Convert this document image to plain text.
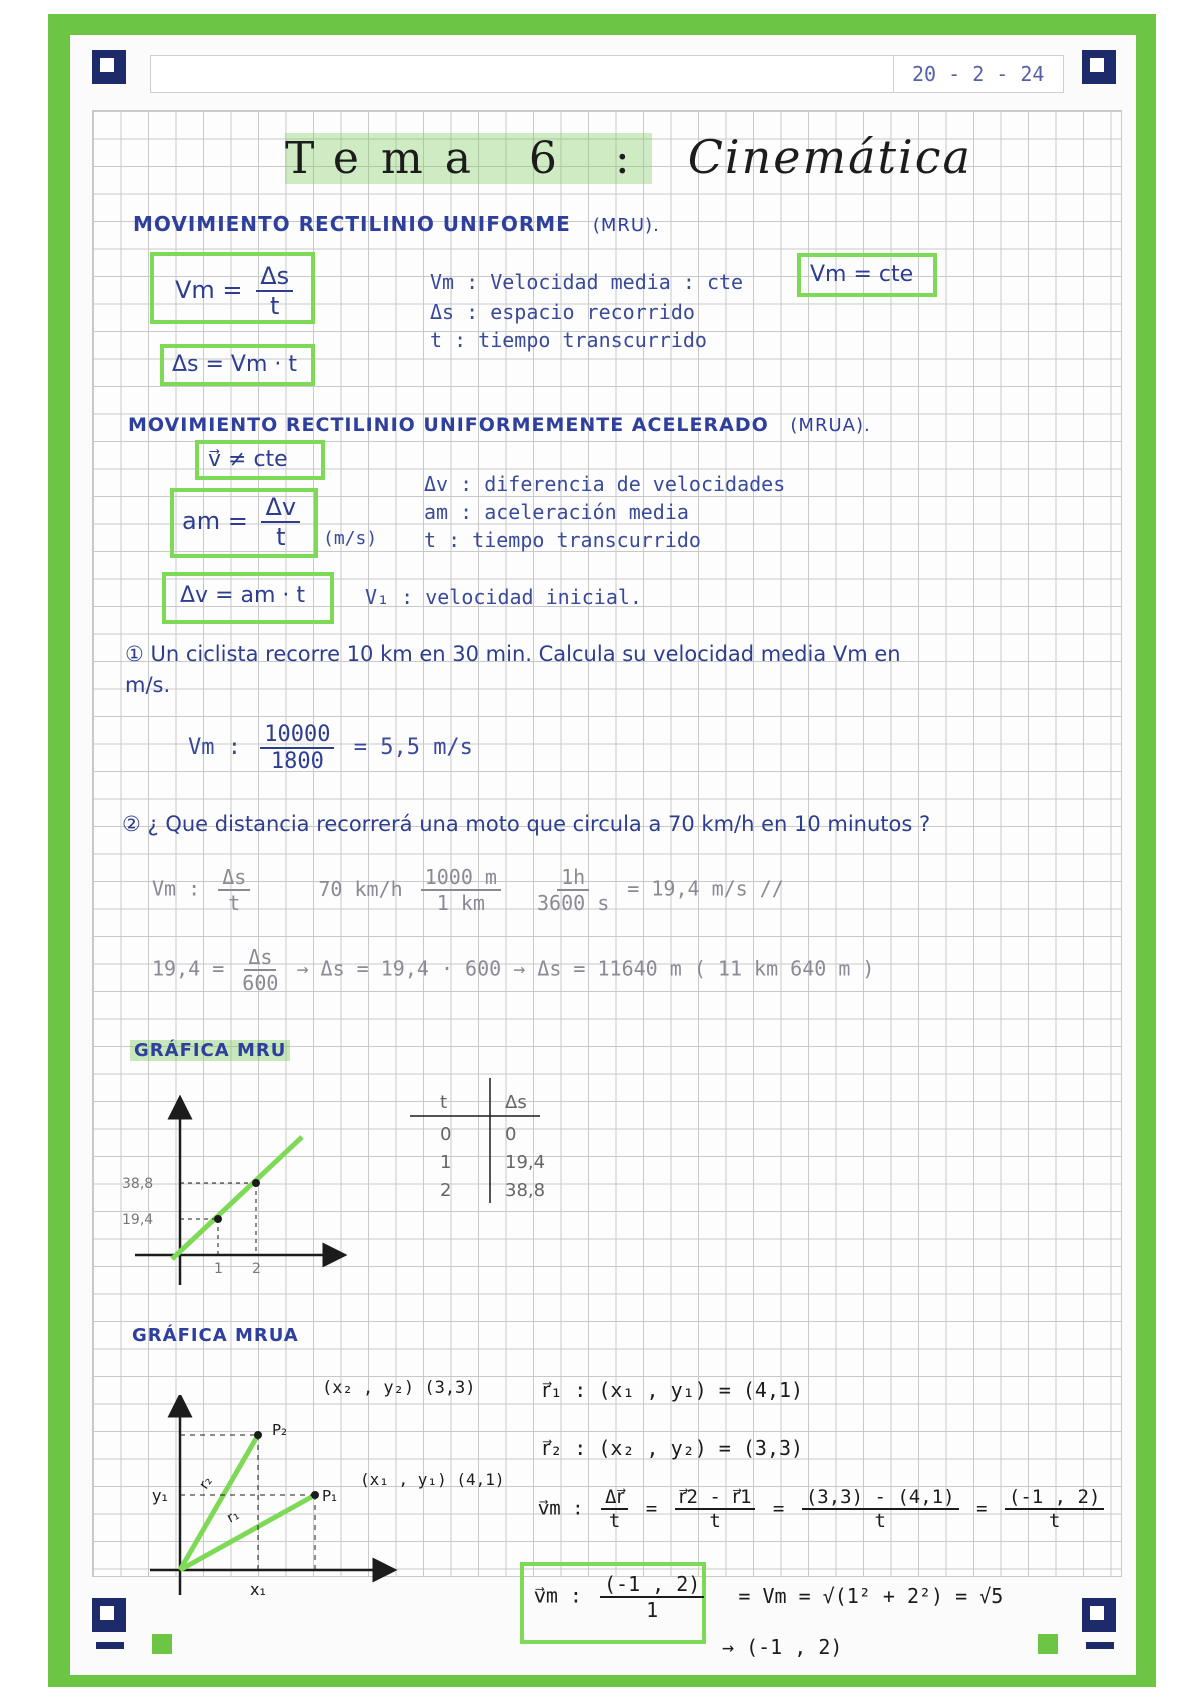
20 - 2 - 24
Tema 6 : Cinemática
MOVIMIENTO RECTILINIO UNIFORME (MRU).
$Vm = \frac{\Delta s}{t}$
Δs = Vm · t
Vm : Velocidad media : cte	Vm = cte
Δs : espacio recorrido
t : tiempo transcurrido
MOVIMIENTO RECTILINIO UNIFORMEMENTE ACELERADO (MRUA).
v⃗ ≠ cte
am = $\frac{\Delta v}{t} (m/s)$
Δv = am · t
Δv : diferencia de velocidades
am : aceleración media
t : tiempo transcurrido
V₁ : velocidad inicial.
① Un ciclista recorre 10 km en 30 min. Calcula su velocidad media Vm en
m/s.
Vm : $\frac{10000}{1800} = 5,5$ m/s
② ¿ Que distancia recorrerá una moto que circula a 70 km/h en 10 minutos ?
Vm : $\frac{\Delta s}{t}$	70 $km/h \frac{1000 m}{1 km}$
$\frac{1h}{3600 s} = 19,4$ m/s //
$19,4 = \frac{\Delta s}{600} \to \Delta s = 19,4 \cdot 600 \to \Delta s = 11640$ m ( 11 km 640 m )
GRÁFICA MRU
19,4
1
38,8
2
t	Δs
0	0
1	19,4
2	38,8
GRÁFICA MRUA
P₂
P₁
y₁
x₁
r₂
r₁
(x₂ , y₂) (3,3)
(x₁ , y₁) (4,1)
r⃗₁ : (x₁ , y₁) = (4,1)
r⃗₂ : (x₂ , y₂) = (3,3)
v⃗m : $\frac{\Delta r⃗}{t} = \frac{r⃗2 - r⃗1}{t} = \frac{(3,3) - (4,1)}{t} = \frac{(-1 , 2)}{t}$
v⃗m : $\frac{(-1 , 2)}{1} = Vm = √(1^2 + 2^2) = √5$
→ (-1 , 2)
